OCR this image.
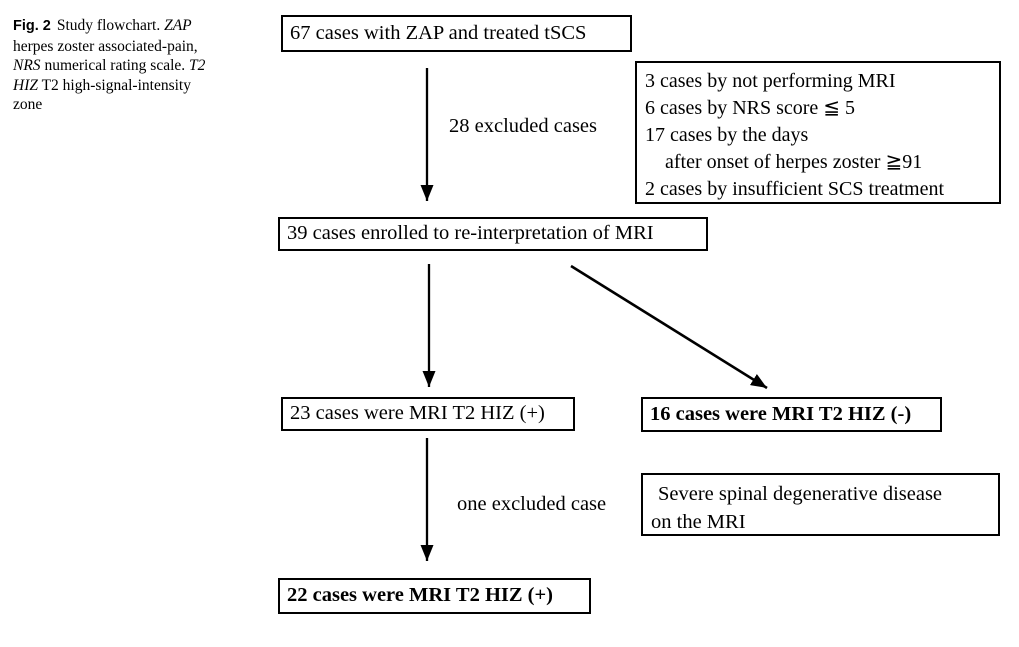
Fig. 2 Study flowchart. ZAP
herpes zoster associated-pain,
NRS numerical rating scale. T2
HIZ T2 high-signal-intensity
zone
67 cases with ZAP and treated tSCS
3 cases by not performing MRI
6 cases by NRS score ≦ 5
17 cases by the days
after onset of herpes zoster ≧91
2 cases by insufficient SCS treatment
28 excluded cases
39 cases enrolled to re-interpretation of MRI
23 cases were MRI T2 HIZ (+)	16 cases were MRI T2 HIZ (-)
one excluded case	Severe spinal degenerative disease
on the MRI
22 cases were MRI T2 HIZ (+)
